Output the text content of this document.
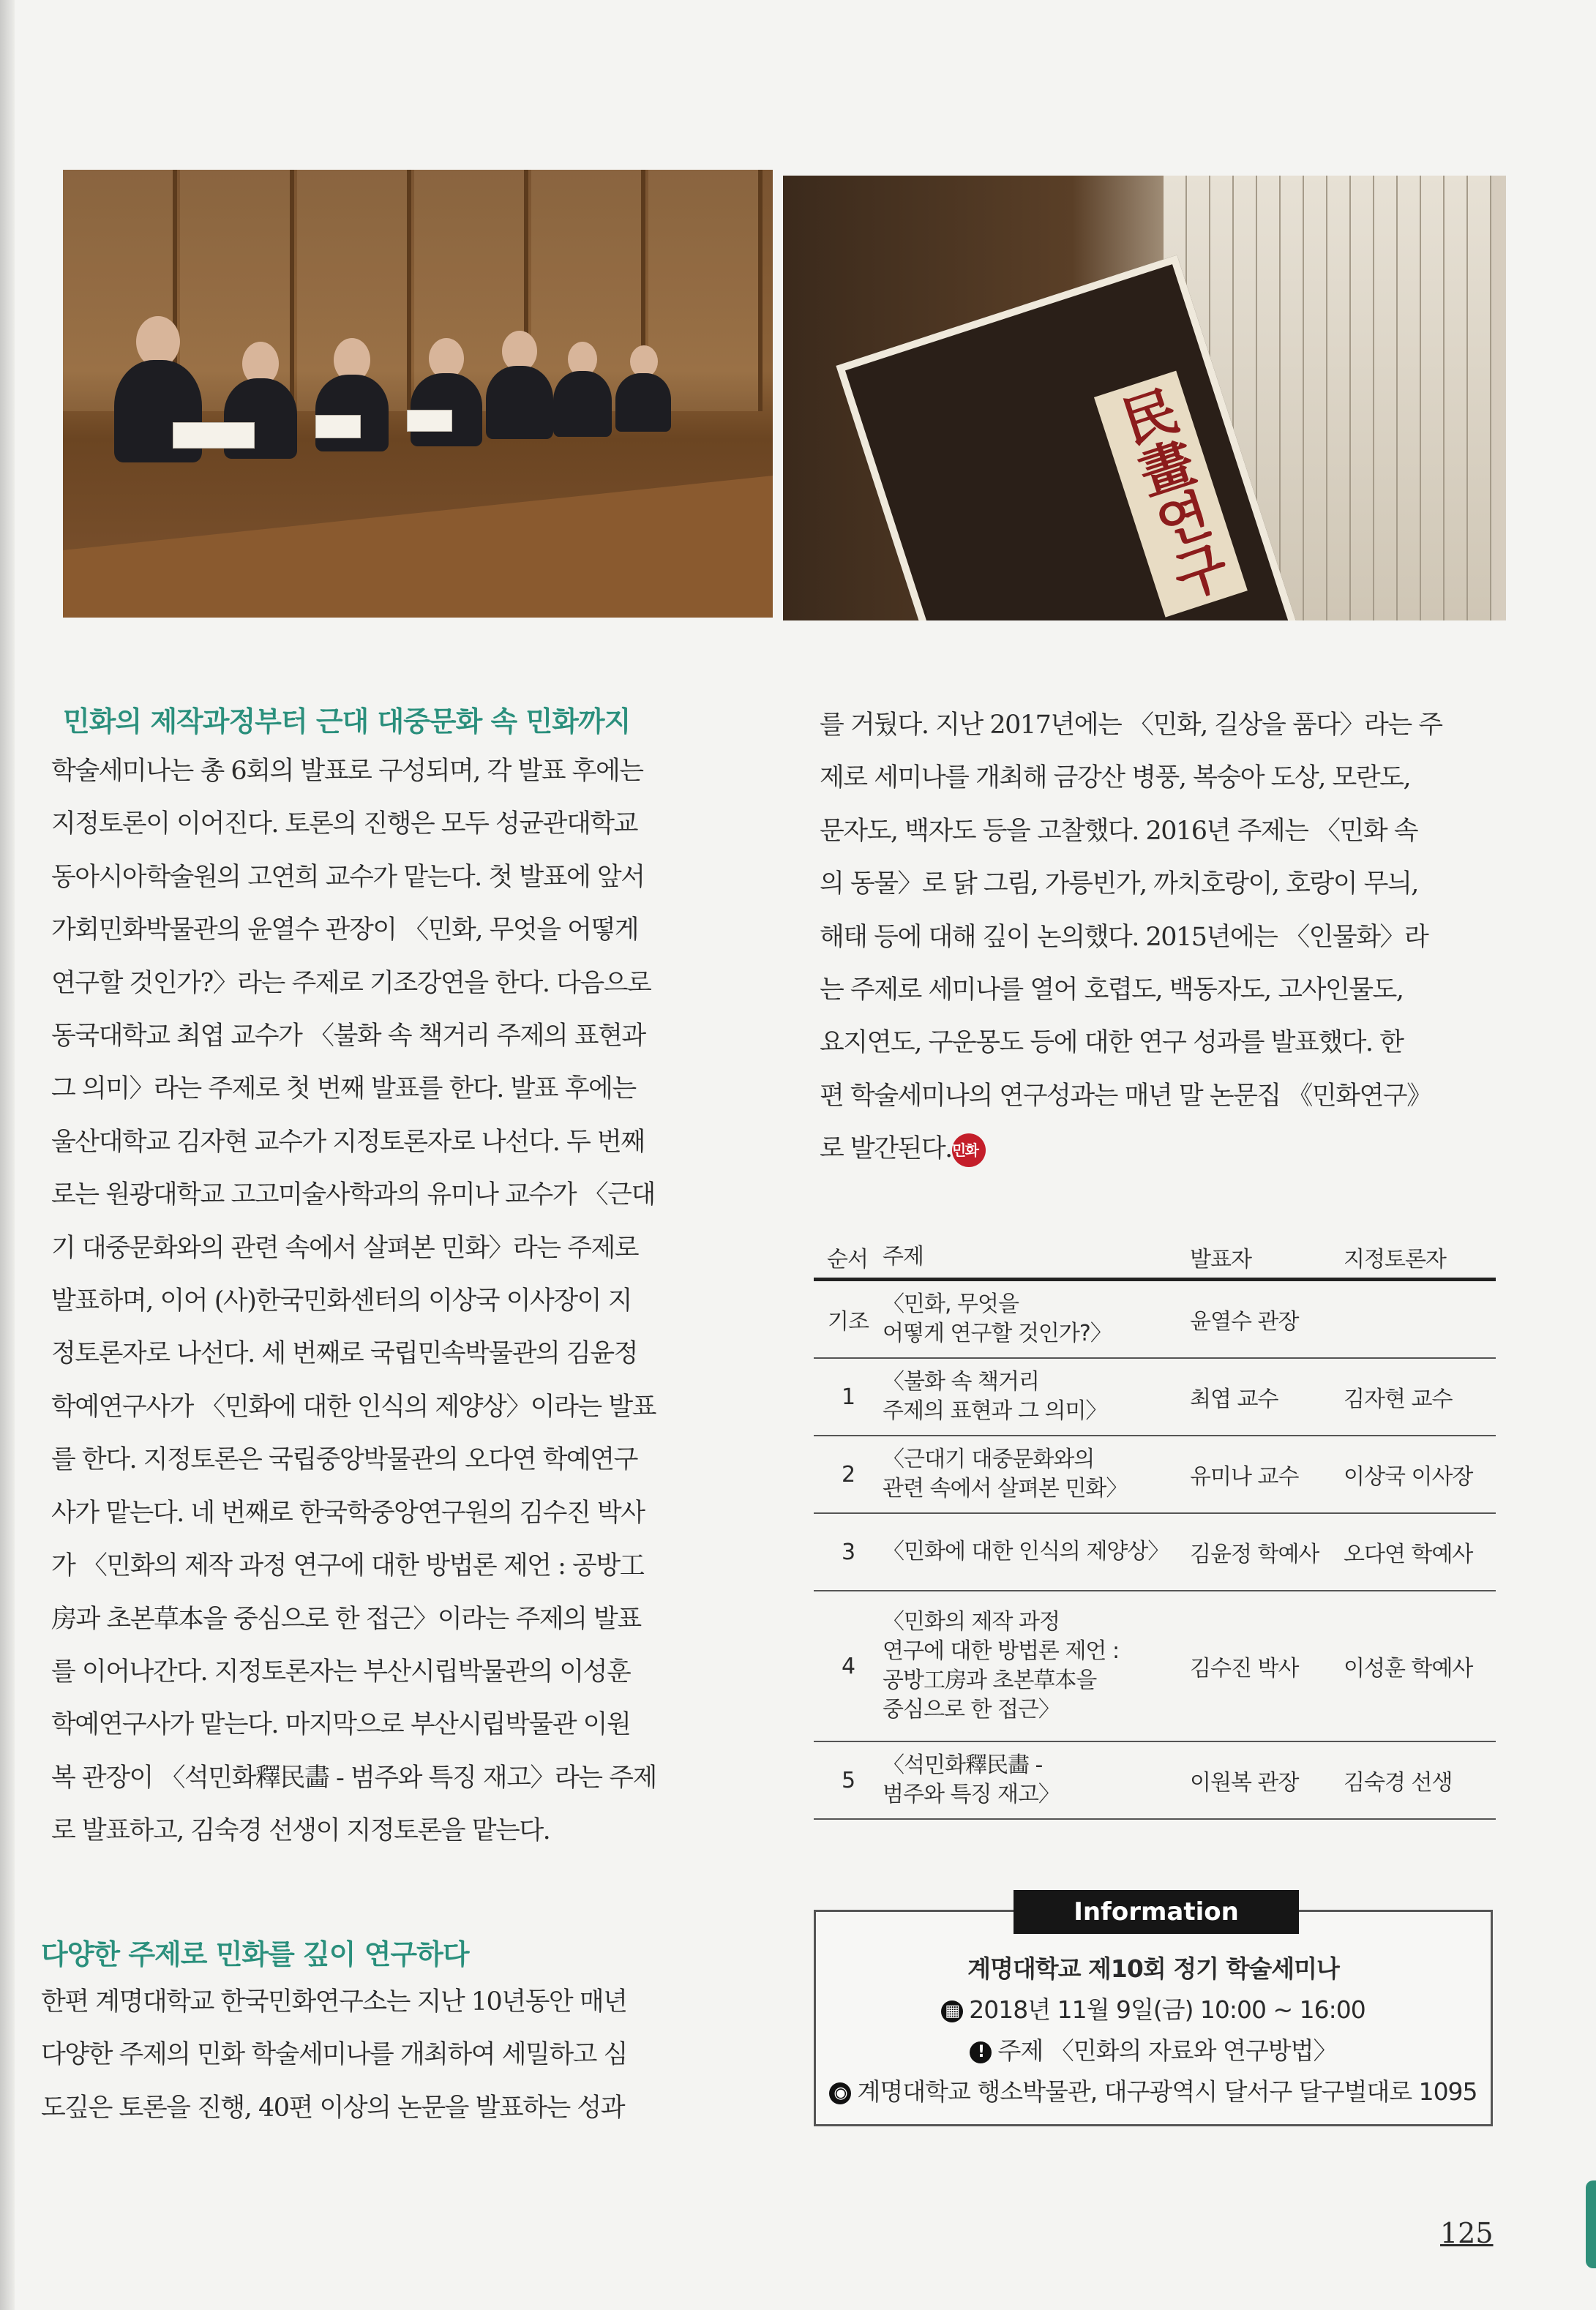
民畫연구
민화의 제작과정부터 근대 대중문화 속 민화까지
학술세미나는 총 6회의 발표로 구성되며, 각 발표 후에는
지정토론이 이어진다. 토론의 진행은 모두 성균관대학교
동아시아학술원의 고연희 교수가 맡는다. 첫 발표에 앞서
가회민화박물관의 윤열수 관장이 〈민화, 무엇을 어떻게
연구할 것인가?〉라는 주제로 기조강연을 한다. 다음으로
동국대학교 최엽 교수가 〈불화 속 책거리 주제의 표현과
그 의미〉라는 주제로 첫 번째 발표를 한다. 발표 후에는
울산대학교 김자현 교수가 지정토론자로 나선다. 두 번째
로는 원광대학교 고고미술사학과의 유미나 교수가 〈근대
기 대중문화와의 관련 속에서 살펴본 민화〉라는 주제로
발표하며, 이어 (사)한국민화센터의 이상국 이사장이 지
정토론자로 나선다. 세 번째로 국립민속박물관의 김윤정
학예연구사가 〈민화에 대한 인식의 제양상〉이라는 발표
를 한다. 지정토론은 국립중앙박물관의 오다연 학예연구
사가 맡는다. 네 번째로 한국학중앙연구원의 김수진 박사
가 〈민화의 제작 과정 연구에 대한 방법론 제언 : 공방工
房과 초본草本을 중심으로 한 접근〉이라는 주제의 발표
를 이어나간다. 지정토론자는 부산시립박물관의 이성훈
학예연구사가 맡는다. 마지막으로 부산시립박물관 이원
복 관장이 〈석민화釋民畵 - 범주와 특징 재고〉라는 주제
로 발표하고, 김숙경 선생이 지정토론을 맡는다.
다양한 주제로 민화를 깊이 연구하다
한편 계명대학교 한국민화연구소는 지난 10년동안 매년
다양한 주제의 민화 학술세미나를 개최하여 세밀하고 심
도깊은 토론을 진행, 40편 이상의 논문을 발표하는 성과
를 거뒀다. 지난 2017년에는 〈민화, 길상을 품다〉라는 주
제로 세미나를 개최해 금강산 병풍, 복숭아 도상, 모란도,
문자도, 백자도 등을 고찰했다. 2016년 주제는 〈민화 속
의 동물〉로 닭 그림, 가릉빈가, 까치호랑이, 호랑이 무늬,
해태 등에 대해 깊이 논의했다. 2015년에는 〈인물화〉라
는 주제로 세미나를 열어 호렵도, 백동자도, 고사인물도,
요지연도, 구운몽도 등에 대한 연구 성과를 발표했다. 한
편 학술세미나의 연구성과는 매년 말 논문집 《민화연구》
로 발간된다.민화
순서 주제	발표자	지정토론자
기조
〈민화, 무엇을
어떻게 연구할 것인가?〉	윤열수 관장
1
〈불화 속 책거리
주제의 표현과 그 의미〉	최엽 교수	김자현 교수
2
〈근대기 대중문화와의
관련 속에서 살펴본 민화〉	유미나 교수	이상국 이사장
3	〈민화에 대한 인식의 제양상〉 김윤정 학예사	오다연 학예사
4
〈민화의 제작 과정
연구에 대한 방법론 제언 :
공방工房과 초본草本을
중심으로 한 접근〉
김수진 박사	이성훈 학예사
5
〈석민화釋民畵 -
범주와 특징 재고〉	이원복 관장	김숙경 선생
Information
계명대학교 제10회 정기 학술세미나
▦ 2018년 11월 9일(금) 10:00 ~ 16:00
! 주제 〈민화의 자료와 연구방법〉
◉ 계명대학교 행소박물관, 대구광역시 달서구 달구벌대로 1095
125
